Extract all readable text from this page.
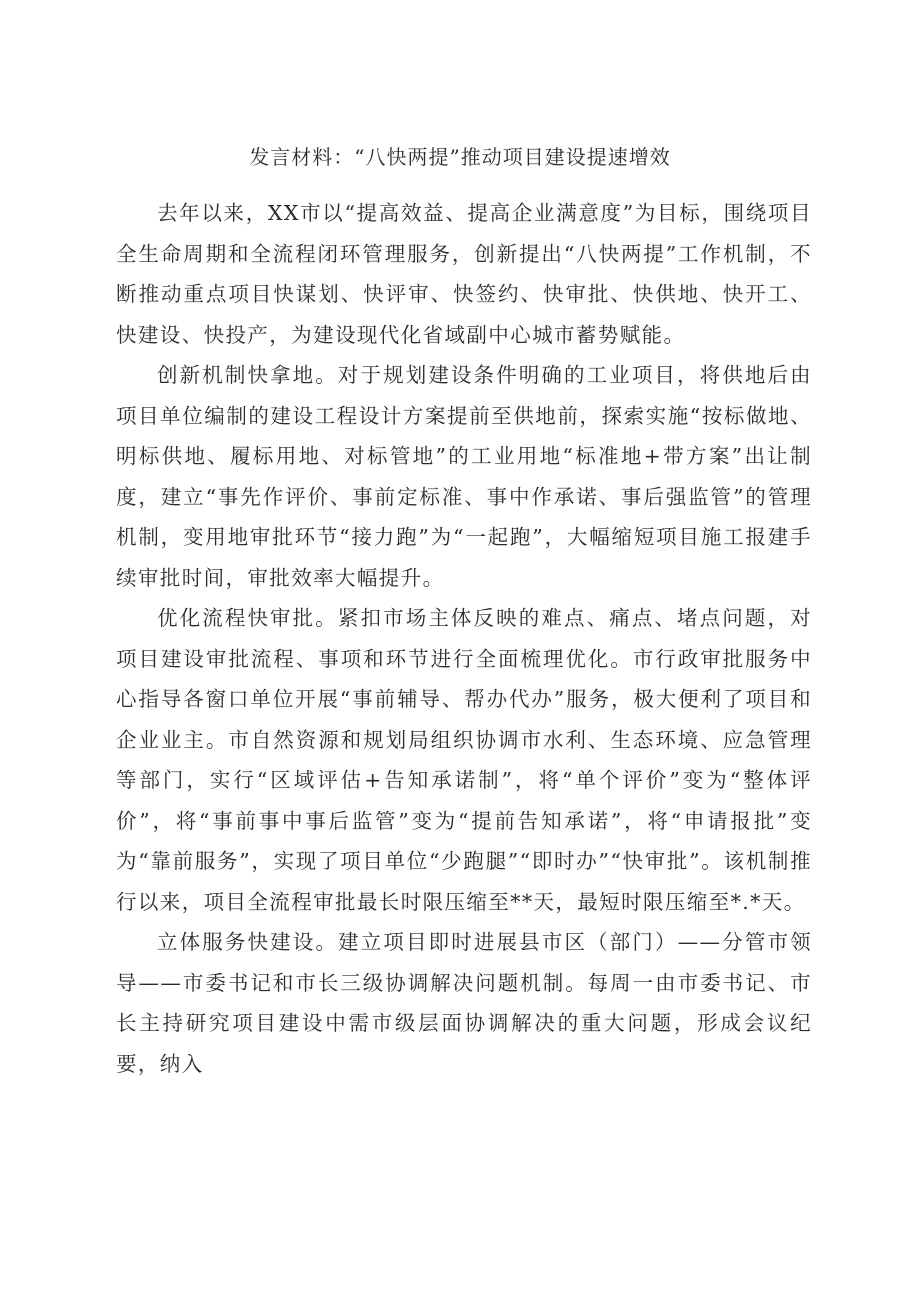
发言材料：“八快两提”推动项目建设提速增效

去年以来，XX市以“提高效益、提高企业满意度”为目标，围绕项目全生命周期和全流程闭环管理服务，创新提出“八快两提”工作机制，不断推动重点项目快谋划、快评审、快签约、快审批、快供地、快开工、快建设、快投产，为建设现代化省域副中心城市蓄势赋能。

创新机制快拿地。对于规划建设条件明确的工业项目，将供地后由项目单位编制的建设工程设计方案提前至供地前，探索实施“按标做地、明标供地、履标用地、对标管地”的工业用地“标准地+带方案”出让制度，建立“事先作评价、事前定标准、事中作承诺、事后强监管”的管理机制，变用地审批环节“接力跑”为“一起跑”，大幅缩短项目施工报建手续审批时间，审批效率大幅提升。

优化流程快审批。紧扣市场主体反映的难点、痛点、堵点问题，对项目建设审批流程、事项和环节进行全面梳理优化。市行政审批服务中心指导各窗口单位开展“事前辅导、帮办代办”服务，极大便利了项目和企业业主。市自然资源和规划局组织协调市水利、生态环境、应急管理等部门，实行“区域评估+告知承诺制”，将“单个评价”变为“整体评价”，将“事前事中事后监管”变为“提前告知承诺”，将“申请报批”变为“靠前服务”，实现了项目单位“少跑腿”“即时办”“快审批”。该机制推行以来，项目全流程审批最长时限压缩至**天，最短时限压缩至*.*天。

立体服务快建设。建立项目即时进展县市区（部门）——分管市领导——市委书记和市长三级协调解决问题机制。每周一由市委书记、市长主持研究项目建设中需市级层面协调解决的重大问题，形成会议纪要，纳入
